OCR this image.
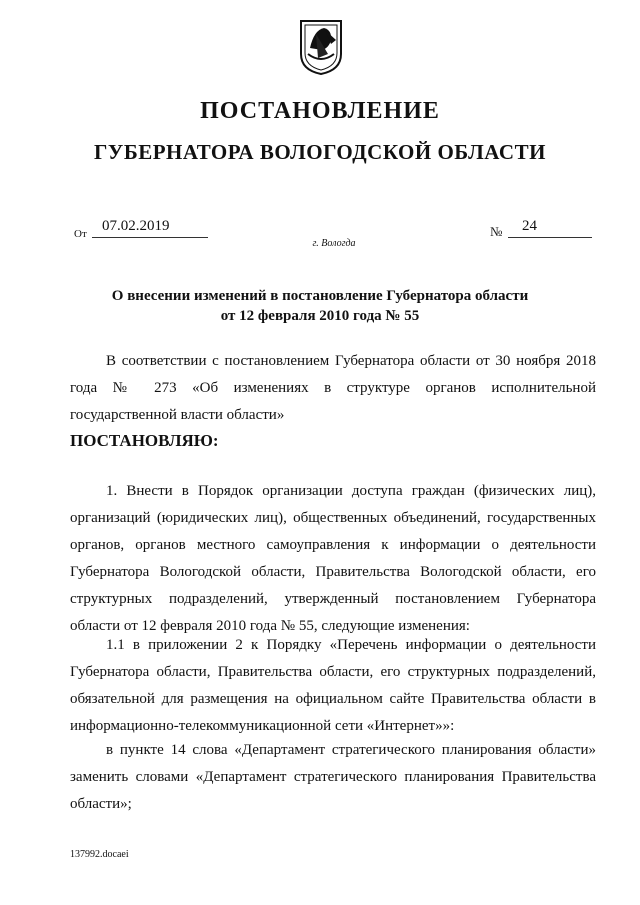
ПОСТАНОВЛЕНИЕ
ГУБЕРНАТОРА ВОЛОГОДСКОЙ ОБЛАСТИ
От	07.02.2019	№	24
г. Вологда
О внесении изменений в постановление Губернатора области
от 12 февраля 2010 года № 55
В соответствии с постановлением Губернатора области от 30 ноября 2018 года № 273 «Об изменениях в структуре органов исполнительной государственной власти области»
ПОСТАНОВЛЯЮ:
1. Внести в Порядок организации доступа граждан (физических лиц), организаций (юридических лиц), общественных объединений, государственных органов, органов местного самоуправления к информации о деятельности Губернатора Вологодской области, Правительства Вологодской области, его структурных подразделений, утвержденный постановлением Губернатора области от 12 февраля 2010 года № 55, следующие изменения:
1.1 в приложении 2 к Порядку «Перечень информации о деятельности Губернатора области, Правительства области, его структурных подразделений, обязательной для размещения на официальном сайте Правительства области в информационно-телекоммуникационной сети «Интернет»»:
в пункте 14 слова «Департамент стратегического планирования области» заменить словами «Департамент стратегического планирования Правительства области»;
137992.docaei
